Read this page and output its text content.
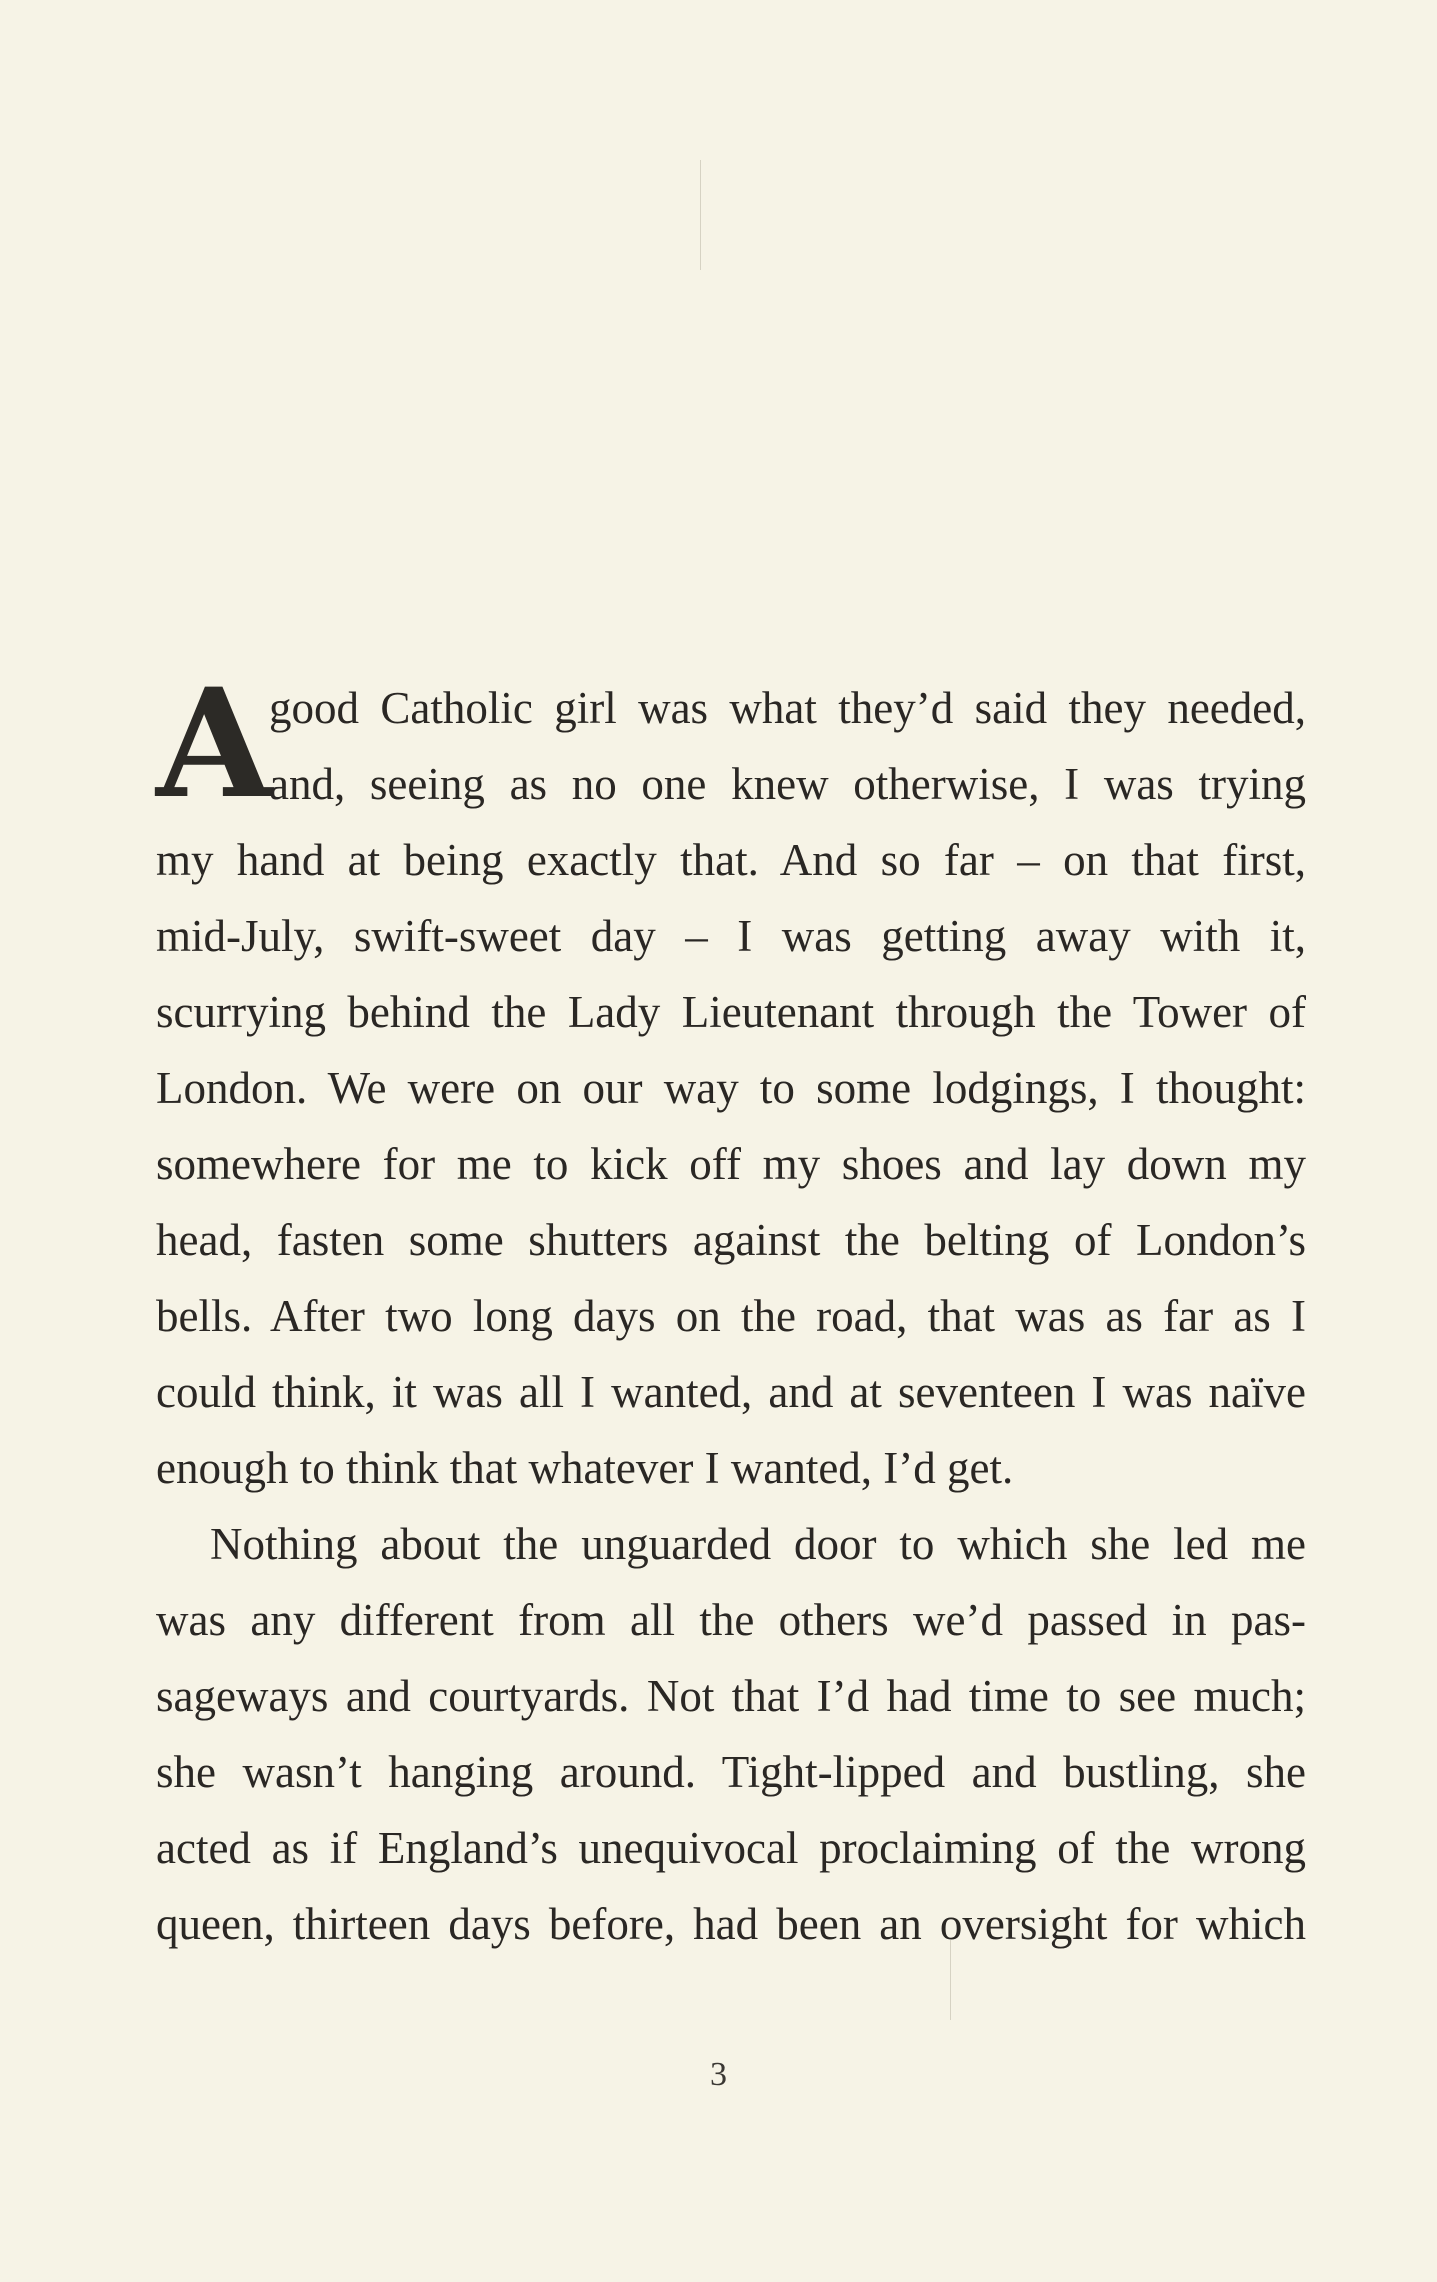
A
good Catholic girl was what they’d said they needed,
and, seeing as no one knew otherwise, I was trying
my hand at being exactly that. And so far – on that first,
mid-July, swift-sweet day – I was getting away with it,
scurrying behind the Lady Lieutenant through the Tower of
London. We were on our way to some lodgings, I thought:
somewhere for me to kick off my shoes and lay down my
head, fasten some shutters against the belting of London’s
bells. After two long days on the road, that was as far as I
could think, it was all I wanted, and at seventeen I was naïve
enough to think that whatever I wanted, I’d get.
Nothing about the unguarded door to which she led me
was any different from all the others we’d passed in pas-
sageways and courtyards. Not that I’d had time to see much;
she wasn’t hanging around. Tight-lipped and bustling, she
acted as if England’s unequivocal proclaiming of the wrong
queen, thirteen days before, had been an oversight for which
3
